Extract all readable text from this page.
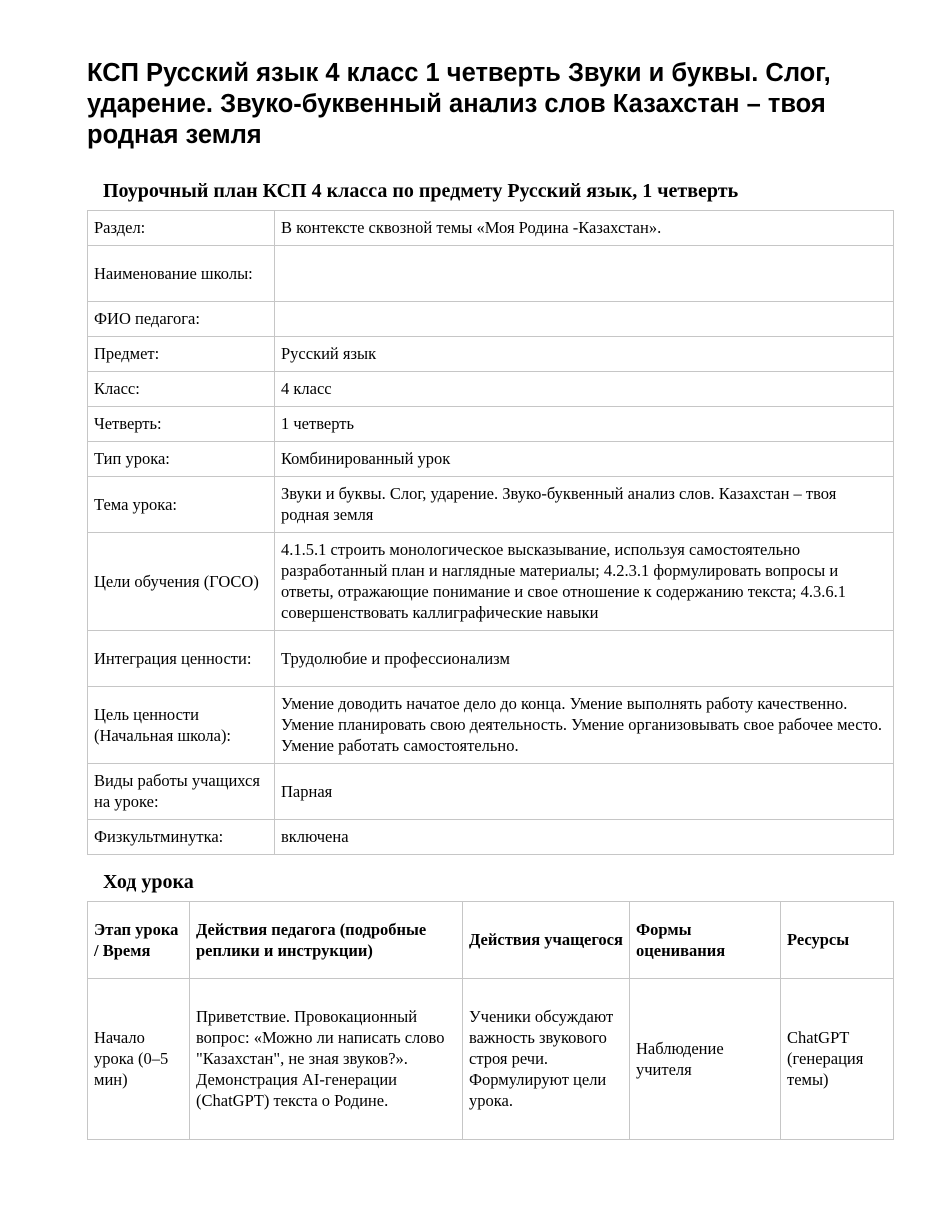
КСП Русский язык 4 класс 1 четверть Звуки и буквы. Слог, ударение. Звуко-буквенный анализ слов Казахстан – твоя родная земля
Поурочный план КСП 4 класса по предмету Русский язык, 1 четверть
Раздел:	В контексте сквозной темы «Моя Родина -Казахстан».
Наименование школы:	
ФИО педагога:	
Предмет:	Русский язык
Класс:	4 класс
Четверть:	1 четверть
Тип урока:	Комбинированный урок
Тема урока:	Звуки и буквы. Слог, ударение. Звуко-буквенный анализ слов. Казахстан – твоя родная земля
Цели обучения (ГОСО)	4.1.5.1 строить монологическое высказывание, используя самостоятельно разработанный план и наглядные материалы; 4.2.3.1 формулировать вопросы и ответы, отражающие понимание и свое отношение к содержанию текста; 4.3.6.1 совершенствовать каллиграфические навыки
Интеграция ценности:	Трудолюбие и профессионализм
Цель ценности (Начальная школа):	Умение доводить начатое дело до конца. Умение выполнять работу качественно. Умение планировать свою деятельность. Умение организовывать свое рабочее место. Умение работать самостоятельно.
Виды работы учащихся на уроке:	Парная
Физкультминутка:	включена
Ход урока
Этап урока / Время	Действия педагога (подробные реплики и инструкции)	Действия учащегося	Формы оценивания	Ресурсы
Начало урока (0–5 мин)	Приветствие. Провокационный вопрос: «Можно ли написать слово "Казахстан", не зная звуков?». Демонстрация AI-генерации (ChatGPT) текста о Родине.	Ученики обсуждают важность звукового строя речи. Формулируют цели урока.	Наблюдение учителя	ChatGPT (генерация темы)
